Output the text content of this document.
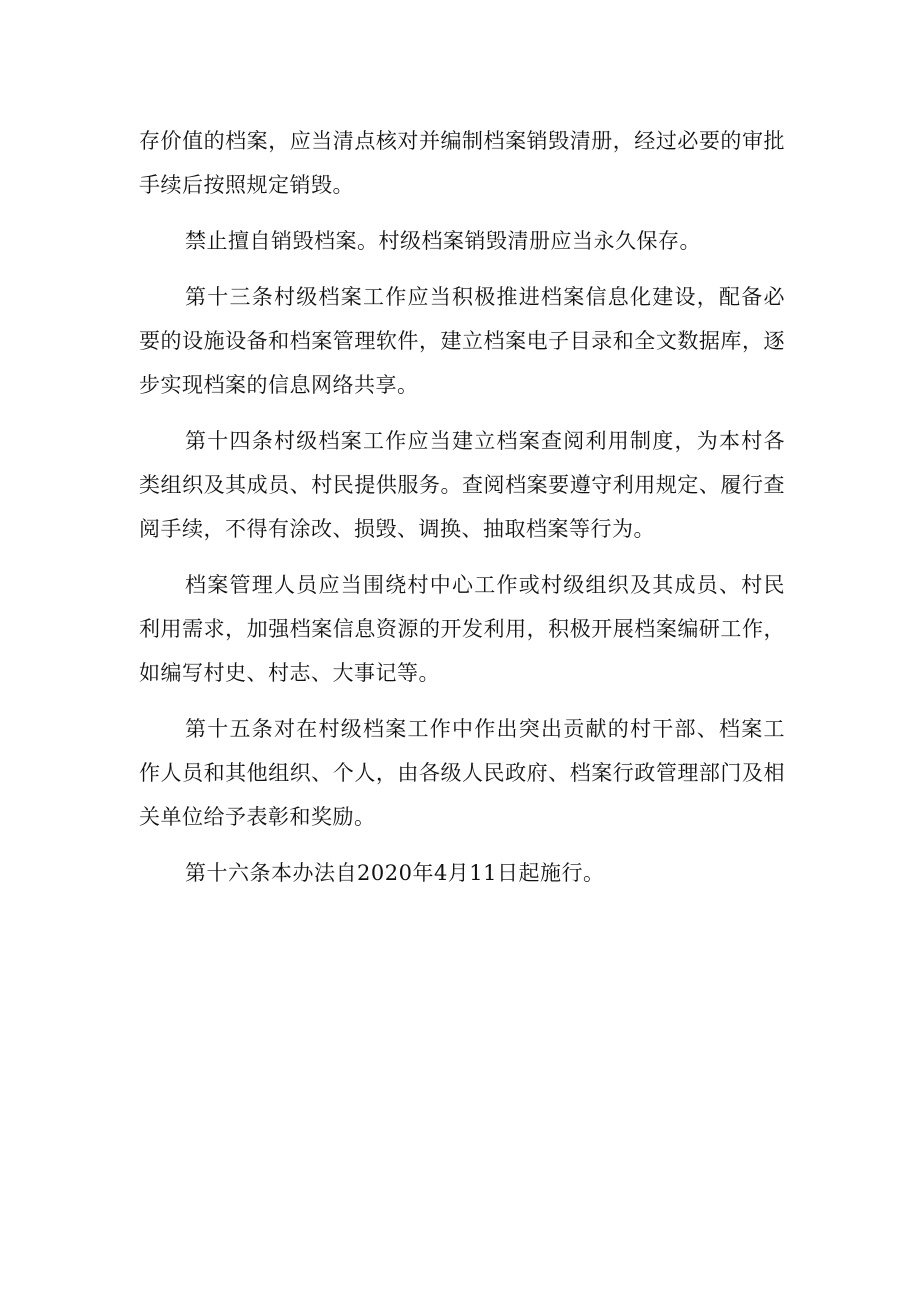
存价值的档案，应当清点核对并编制档案销毁清册，经过必要的审批手续后按照规定销毁。

禁止擅自销毁档案。村级档案销毁清册应当永久保存。

第十三条村级档案工作应当积极推进档案信息化建设，配备必要的设施设备和档案管理软件，建立档案电子目录和全文数据库，逐步实现档案的信息网络共享。

第十四条村级档案工作应当建立档案查阅利用制度，为本村各类组织及其成员、村民提供服务。查阅档案要遵守利用规定、履行查阅手续，不得有涂改、损毁、调换、抽取档案等行为。

档案管理人员应当围绕村中心工作或村级组织及其成员、村民利用需求，加强档案信息资源的开发利用，积极开展档案编研工作，如编写村史、村志、大事记等。

第十五条对在村级档案工作中作出突出贡献的村干部、档案工作人员和其他组织、个人，由各级人民政府、档案行政管理部门及相关单位给予表彰和奖励。

第十六条本办法自2020年4月11日起施行。
